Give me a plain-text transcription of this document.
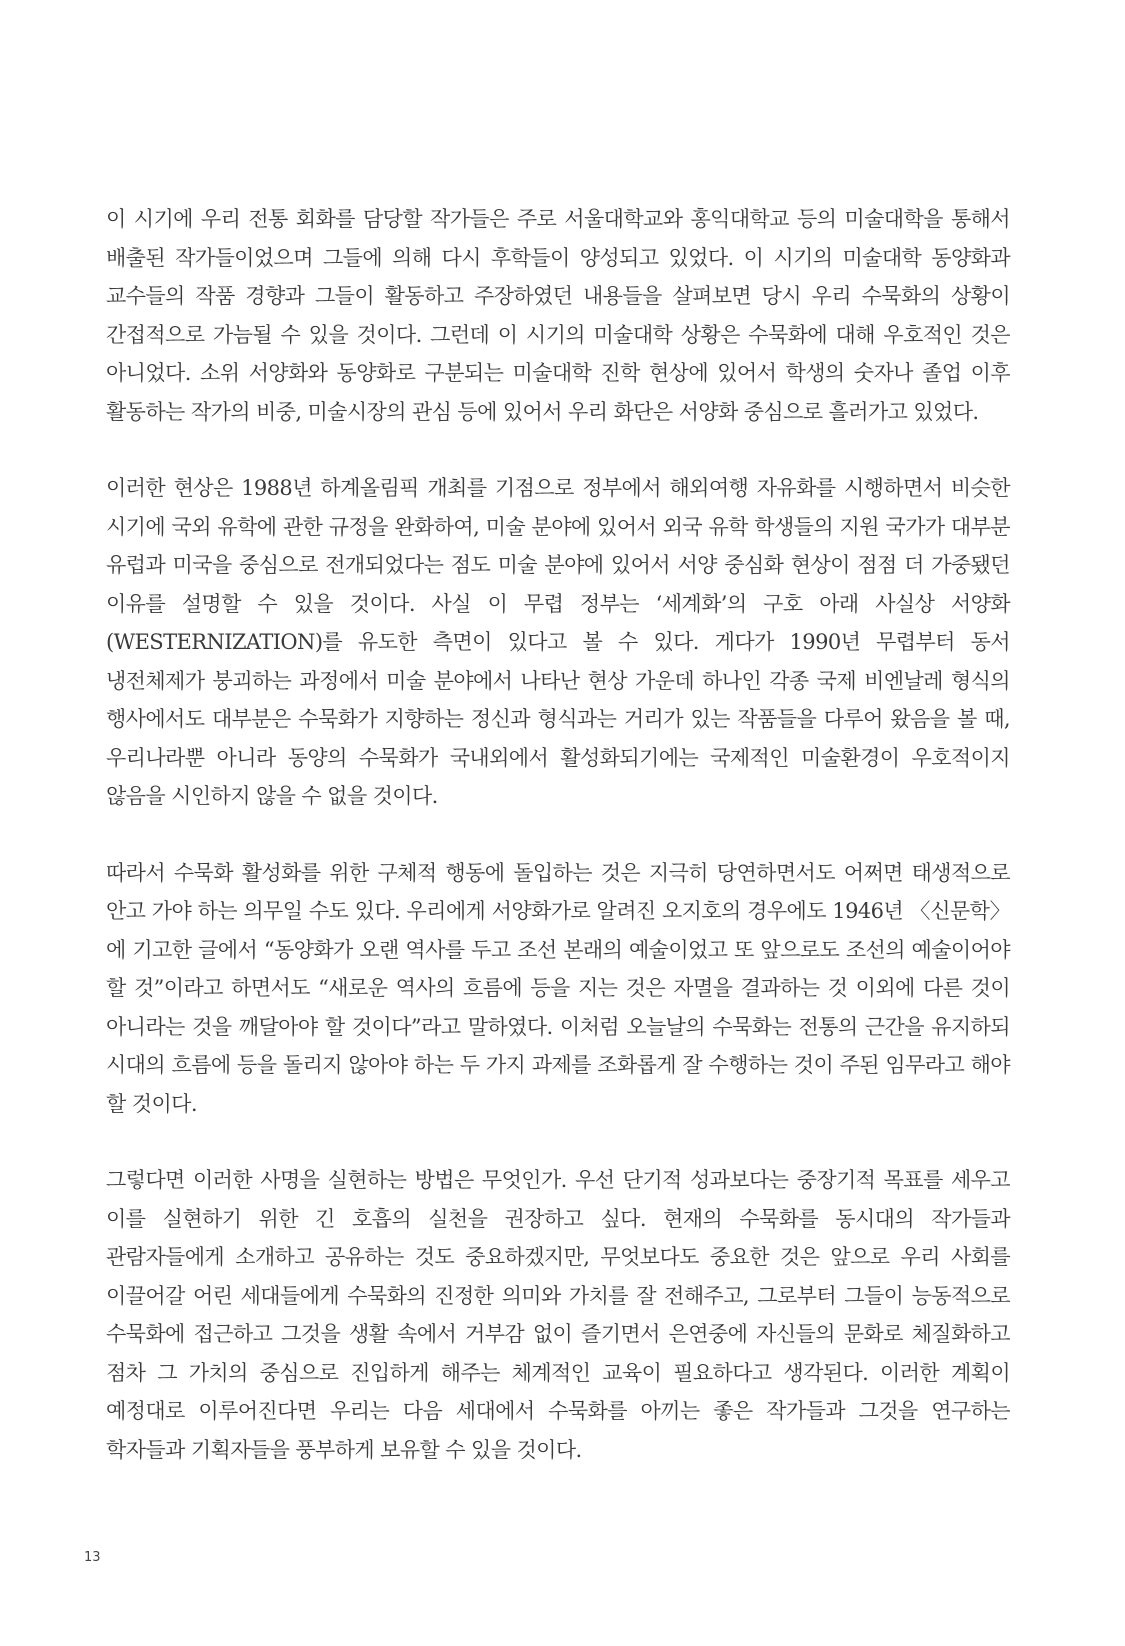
이 시기에 우리 전통 회화를 담당할 작가들은 주로 서울대학교와 홍익대학교 등의 미술대학을 통해서 배출된 작가들이었으며 그들에 의해 다시 후학들이 양성되고 있었다. 이 시기의 미술대학 동양화과 교수들의 작품 경향과 그들이 활동하고 주장하였던 내용들을 살펴보면 당시 우리 수묵화의 상황이 간접적으로 가늠될 수 있을 것이다. 그런데 이 시기의 미술대학 상황은 수묵화에 대해 우호적인 것은 아니었다. 소위 서양화와 동양화로 구분되는 미술대학 진학 현상에 있어서 학생의 숫자나 졸업 이후 활동하는 작가의 비중, 미술시장의 관심 등에 있어서 우리 화단은 서양화 중심으로 흘러가고 있었다.

이러한 현상은 1988년 하계올림픽 개최를 기점으로 정부에서 해외여행 자유화를 시행하면서 비슷한 시기에 국외 유학에 관한 규정을 완화하여, 미술 분야에 있어서 외국 유학 학생들의 지원 국가가 대부분 유럽과 미국을 중심으로 전개되었다는 점도 미술 분야에 있어서 서양 중심화 현상이 점점 더 가중됐던 이유를 설명할 수 있을 것이다. 사실 이 무렵 정부는 ‘세계화’의 구호 아래 사실상 서양화(WESTERNIZATION)를 유도한 측면이 있다고 볼 수 있다. 게다가 1990년 무렵부터 동서 냉전체제가 붕괴하는 과정에서 미술 분야에서 나타난 현상 가운데 하나인 각종 국제 비엔날레 형식의 행사에서도 대부분은 수묵화가 지향하는 정신과 형식과는 거리가 있는 작품들을 다루어 왔음을 볼 때, 우리나라뿐 아니라 동양의 수묵화가 국내외에서 활성화되기에는 국제적인 미술환경이 우호적이지 않음을 시인하지 않을 수 없을 것이다.

따라서 수묵화 활성화를 위한 구체적 행동에 돌입하는 것은 지극히 당연하면서도 어쩌면 태생적으로 안고 가야 하는 의무일 수도 있다. 우리에게 서양화가로 알려진 오지호의 경우에도 1946년 〈신문학〉에 기고한 글에서 “동양화가 오랜 역사를 두고 조선 본래의 예술이었고 또 앞으로도 조선의 예술이어야 할 것”이라고 하면서도 “새로운 역사의 흐름에 등을 지는 것은 자멸을 결과하는 것 이외에 다른 것이 아니라는 것을 깨달아야 할 것이다”라고 말하였다. 이처럼 오늘날의 수묵화는 전통의 근간을 유지하되 시대의 흐름에 등을 돌리지 않아야 하는 두 가지 과제를 조화롭게 잘 수행하는 것이 주된 임무라고 해야 할 것이다.

그렇다면 이러한 사명을 실현하는 방법은 무엇인가. 우선 단기적 성과보다는 중장기적 목표를 세우고 이를 실현하기 위한 긴 호흡의 실천을 권장하고 싶다. 현재의 수묵화를 동시대의 작가들과 관람자들에게 소개하고 공유하는 것도 중요하겠지만, 무엇보다도 중요한 것은 앞으로 우리 사회를 이끌어갈 어린 세대들에게 수묵화의 진정한 의미와 가치를 잘 전해주고, 그로부터 그들이 능동적으로 수묵화에 접근하고 그것을 생활 속에서 거부감 없이 즐기면서 은연중에 자신들의 문화로 체질화하고 점차 그 가치의 중심으로 진입하게 해주는 체계적인 교육이 필요하다고 생각된다. 이러한 계획이 예정대로 이루어진다면 우리는 다음 세대에서 수묵화를 아끼는 좋은 작가들과 그것을 연구하는 학자들과 기획자들을 풍부하게 보유할 수 있을 것이다.

13
